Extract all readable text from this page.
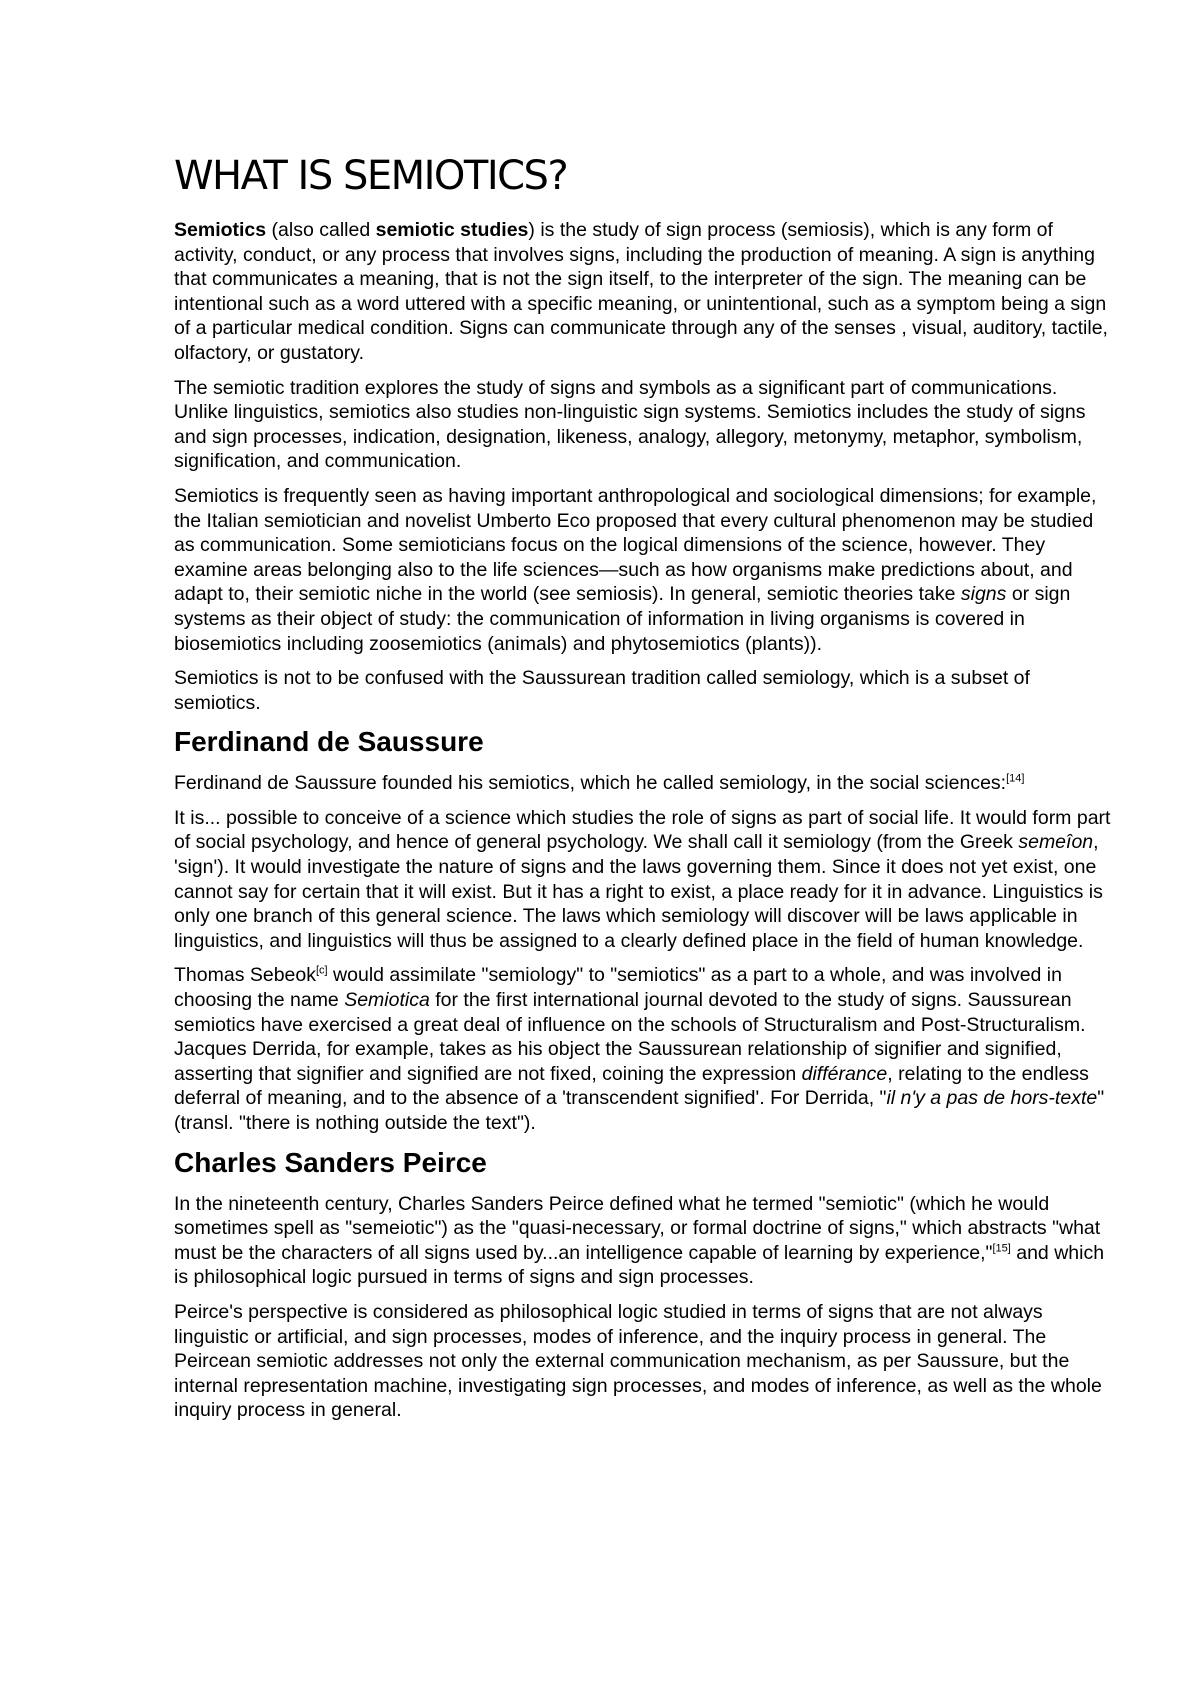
WHAT IS SEMIOTICS?

Semiotics (also called semiotic studies) is the study of sign process (semiosis), which is any form of activity, conduct, or any process that involves signs, including the production of meaning. A sign is anything that communicates a meaning, that is not the sign itself, to the interpreter of the sign. The meaning can be intentional such as a word uttered with a specific meaning, or unintentional, such as a symptom being a sign of a particular medical condition. Signs can communicate through any of the senses , visual, auditory, tactile, olfactory, or gustatory.

The semiotic tradition explores the study of signs and symbols as a significant part of communications. Unlike linguistics, semiotics also studies non-linguistic sign systems. Semiotics includes the study of signs and sign processes, indication, designation, likeness, analogy, allegory, metonymy, metaphor, symbolism, signification, and communication.

Semiotics is frequently seen as having important anthropological and sociological dimensions; for example, the Italian semiotician and novelist Umberto Eco proposed that every cultural phenomenon may be studied as communication. Some semioticians focus on the logical dimensions of the science, however. They examine areas belonging also to the life sciences—such as how organisms make predictions about, and adapt to, their semiotic niche in the world (see semiosis). In general, semiotic theories take signs or sign systems as their object of study: the communication of information in living organisms is covered in biosemiotics including zoosemiotics (animals) and phytosemiotics (plants)).

Semiotics is not to be confused with the Saussurean tradition called semiology, which is a subset of semiotics.

Ferdinand de Saussure

Ferdinand de Saussure founded his semiotics, which he called semiology, in the social sciences:[14]

It is... possible to conceive of a science which studies the role of signs as part of social life. It would form part of social psychology, and hence of general psychology. We shall call it semiology (from the Greek semeîon, 'sign'). It would investigate the nature of signs and the laws governing them. Since it does not yet exist, one cannot say for certain that it will exist. But it has a right to exist, a place ready for it in advance. Linguistics is only one branch of this general science. The laws which semiology will discover will be laws applicable in linguistics, and linguistics will thus be assigned to a clearly defined place in the field of human knowledge.

Thomas Sebeok[c] would assimilate "semiology" to "semiotics" as a part to a whole, and was involved in choosing the name Semiotica for the first international journal devoted to the study of signs. Saussurean semiotics have exercised a great deal of influence on the schools of Structuralism and Post-Structuralism. Jacques Derrida, for example, takes as his object the Saussurean relationship of signifier and signified, asserting that signifier and signified are not fixed, coining the expression différance, relating to the endless deferral of meaning, and to the absence of a 'transcendent signified'. For Derrida, "il n'y a pas de hors-texte" (transl. "there is nothing outside the text").

Charles Sanders Peirce

In the nineteenth century, Charles Sanders Peirce defined what he termed "semiotic" (which he would sometimes spell as "semeiotic") as the "quasi-necessary, or formal doctrine of signs," which abstracts "what must be the characters of all signs used by...an intelligence capable of learning by experience,"[15] and which is philosophical logic pursued in terms of signs and sign processes.

Peirce's perspective is considered as philosophical logic studied in terms of signs that are not always linguistic or artificial, and sign processes, modes of inference, and the inquiry process in general. The Peircean semiotic addresses not only the external communication mechanism, as per Saussure, but the internal representation machine, investigating sign processes, and modes of inference, as well as the whole inquiry process in general.
